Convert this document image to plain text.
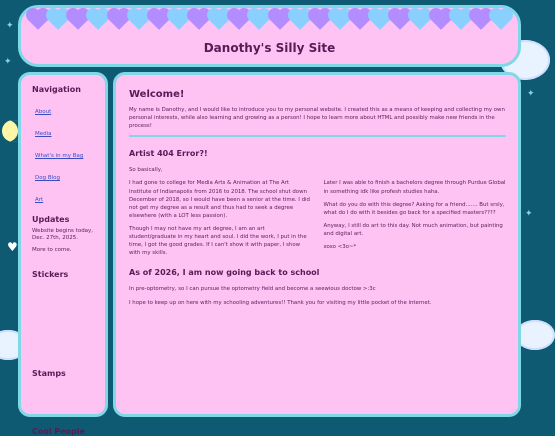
✦
✦
✦
✦
♥
Danothy's Silly Site
Navigation
About
Media
What's in my Bag
Dog Blog
Art
Updates

Website begins today, Dec. 27th, 2025.

More to come.

Stickers
Stamps
Cool People
Welcome!

My name is Danothy, and I would like to introduce you to my personal website. I created this as a means of keeping and collecting my own personal interests, while also learning and growing as a person! I hope to learn more about HTML and possibly make new friends in the process!

Artist 404 Error?!

So basically,

I had gone to college for Media Arts & Animation at The Art Institute of Indianapolis from 2016 to 2018. The school shut down December of 2018, so I would have been a senior at the time. I did not get my degree as a result and thus had to seek a degree elsewhere (with a LOT less passion).

Though I may not have my art degree, I am an art student/graduate in my heart and soul. I did the work, I put in the time, I got the good grades. If I can't show it with paper, I show with my skills.

Later I was able to finish a bachelors degree through Purdue Global in something idk like profesh studies haha.

What do you do with this degree? Asking for a friend....... But srsly, what do I do with it besides go back for a specified masters????

Anyway, I still do art to this day. Not much animation, but painting and digital art.

xoxo <3o~*

As of 2026, I am now going back to school

In pre-optometry, so I can pursue the optometry field and become a seewious doctow >:3c

I hope to keep up on here with my schooling adventures!! Thank you for visiting my little pocket of the internet.
